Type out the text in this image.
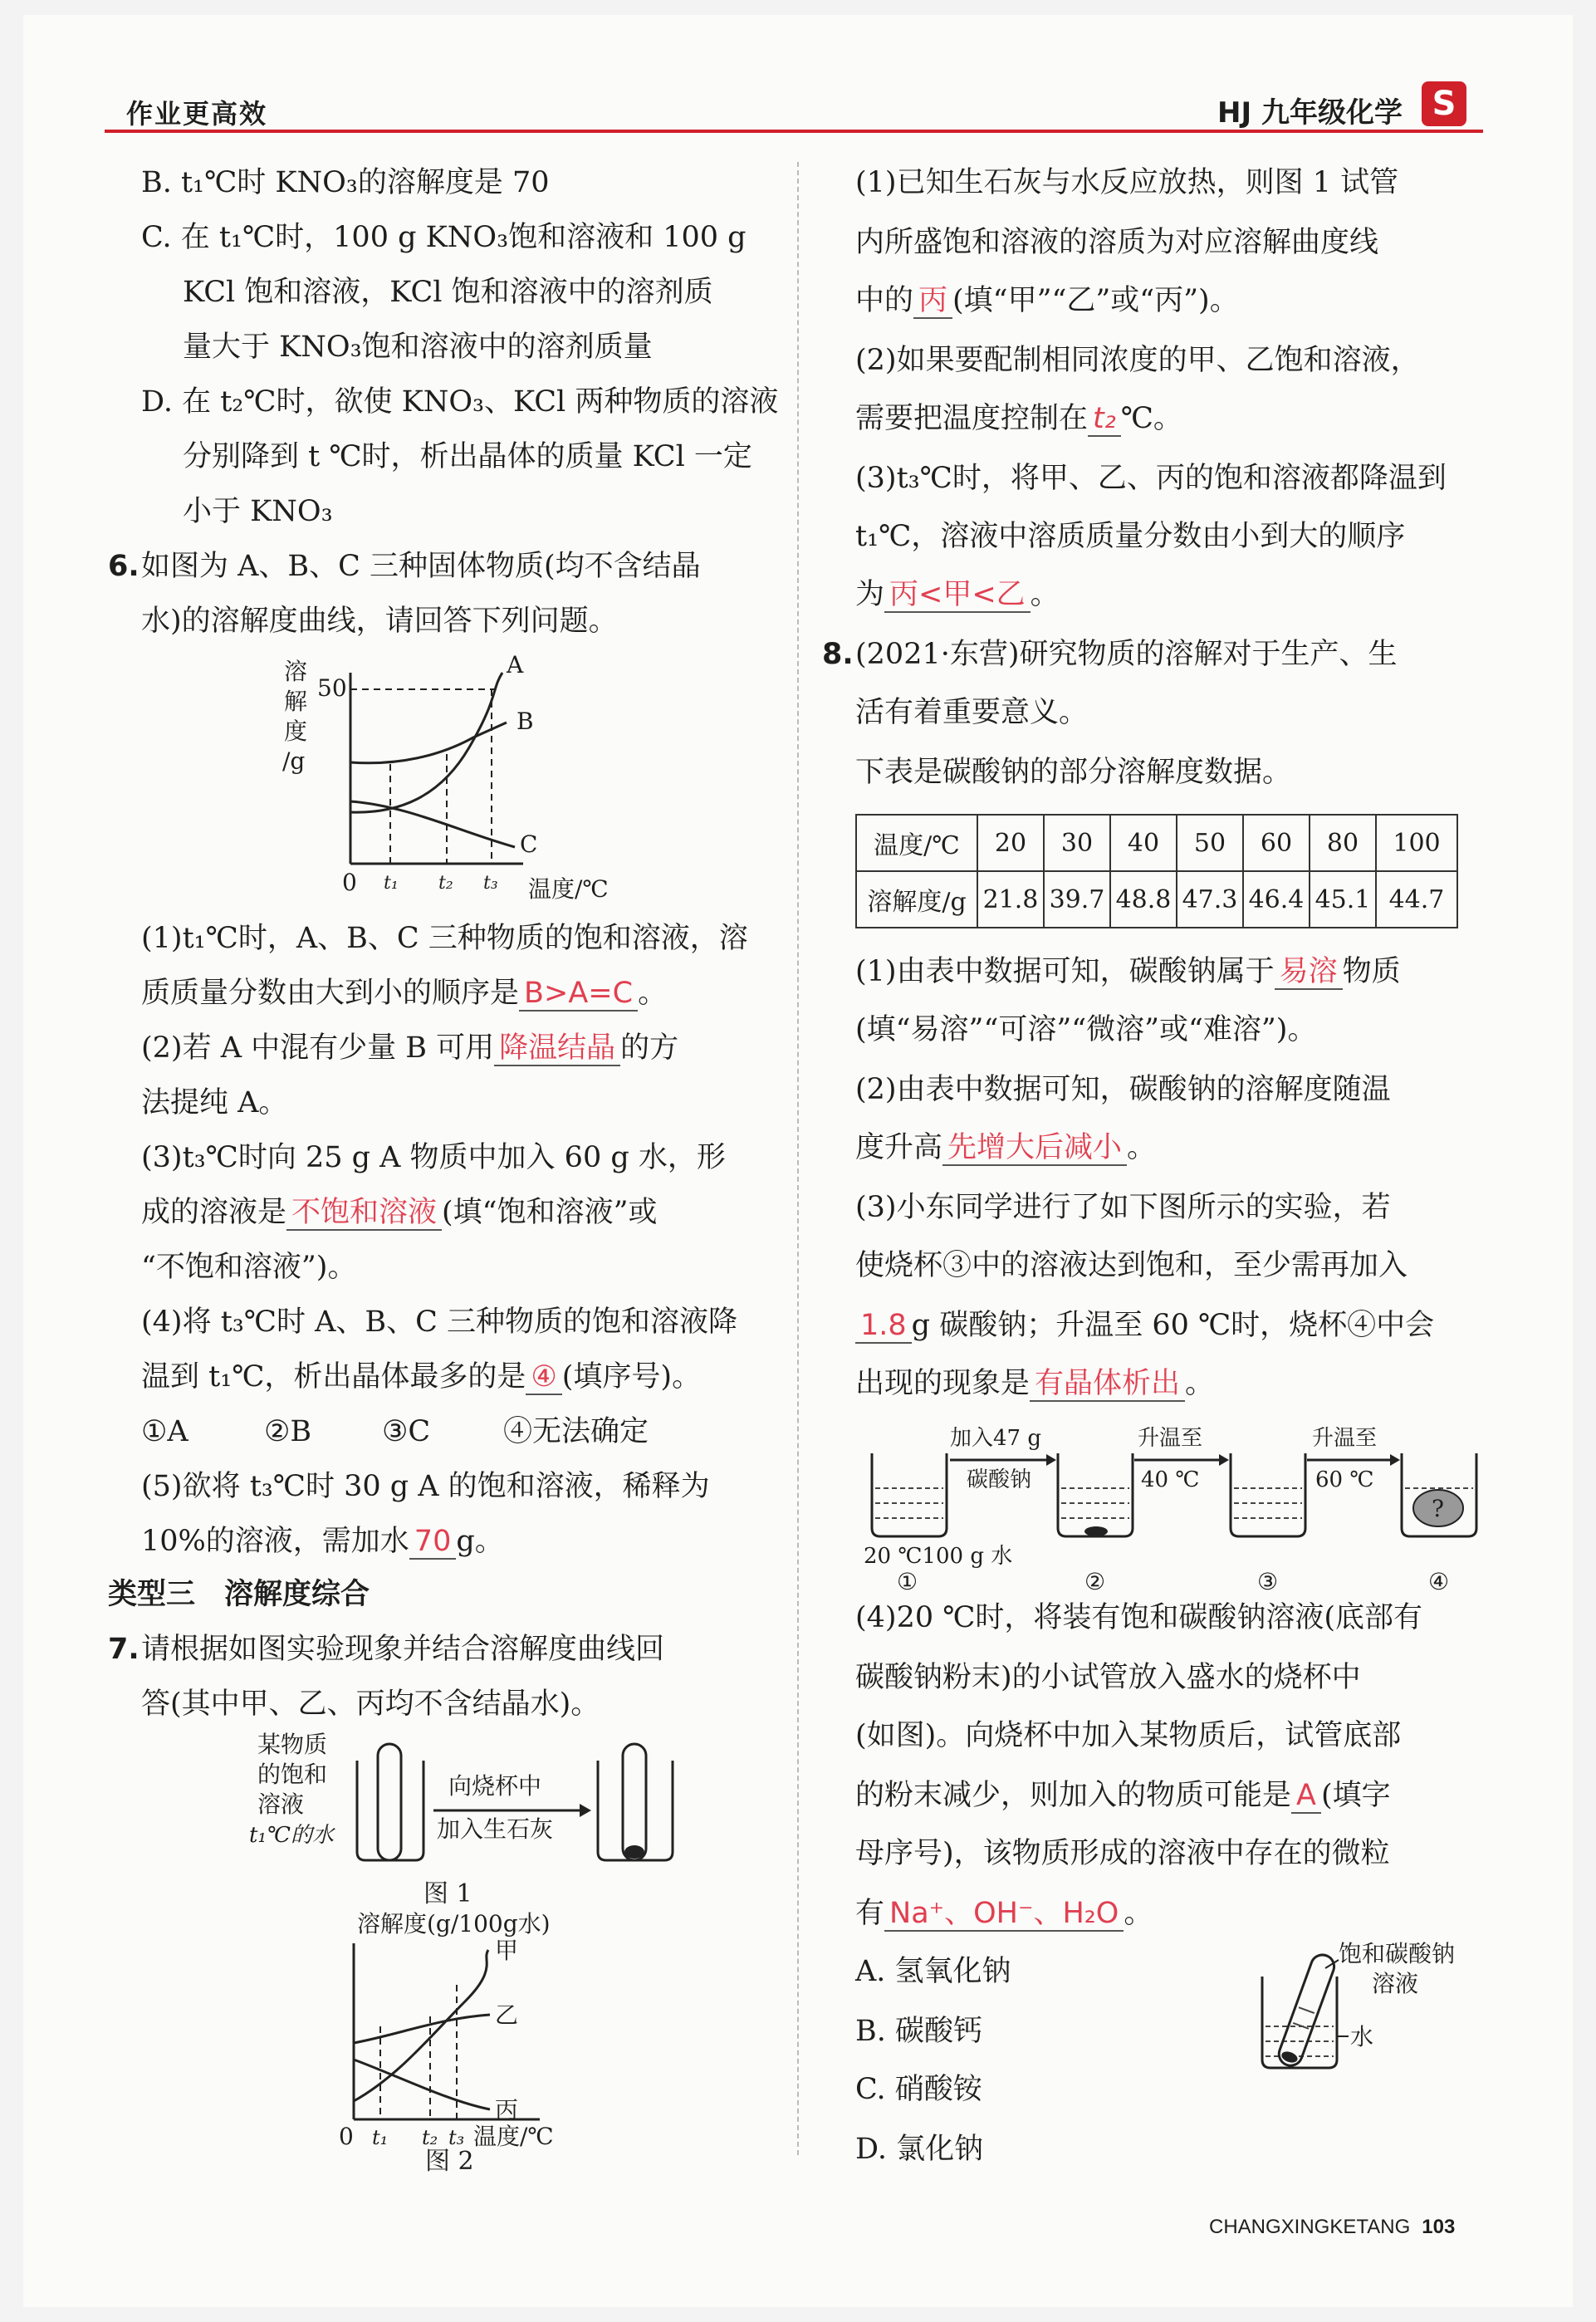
作业更高效	HJ 九年级化学 S
B. t₁℃时 KNO₃的溶解度是 70
C. 在 t₁℃时，100 g KNO₃饱和溶液和 100 g
KCl 饱和溶液，KCl 饱和溶液中的溶剂质
量大于 KNO₃饱和溶液中的溶剂质量
D. 在 t₂℃时，欲使 KNO₃、KCl 两种物质的溶液
分别降到 t ℃时，析出晶体的质量 KCl 一定
小于 KNO₃
6. 如图为 A、B、C 三种固体物质(均不含结晶
水)的溶解度曲线，请回答下列问题。
溶
解
度
/g
50
A
B
C
0 t₁ t₂ t₃ 温度/℃
(1)t₁℃时，A、B、C 三种物质的饱和溶液，溶
质质量分数由大到小的顺序是 B>A=C 。
(2)若 A 中混有少量 B 可用 降温结晶 的方
法提纯 A。
(3)t₃℃时向 25 g A 物质中加入 60 g 水，形
成的溶液是 不饱和溶液 (填“饱和溶液”或
“不饱和溶液”)。
(4)将 t₃℃时 A、B、C 三种物质的饱和溶液降
温到 t₁℃，析出晶体最多的是 ④ (填序号)。
①A	②B ③C	④无法确定
(5)欲将 t₃℃时 30 g A 的饱和溶液，稀释为
10%的溶液，需加水 70 g。
类型三　溶解度综合
7. 请根据如图实验现象并结合溶解度曲线回
答(其中甲、乙、丙均不含结晶水)。
某物质
的饱和
溶液
t₁℃的水
向烧杯中
加入生石灰
图 1
溶解度(g/100g水)
甲
乙
丙
0 t₁ t₂ t₃ 温度/℃
图 2
(1)已知生石灰与水反应放热，则图 1 试管
内所盛饱和溶液的溶质为对应溶解曲度线
中的 丙 (填“甲”“乙”或“丙”)。
(2)如果要配制相同浓度的甲、乙饱和溶液，
需要把温度控制在 t₂ ℃。
(3)t₃℃时，将甲、乙、丙的饱和溶液都降温到
t₁℃，溶液中溶质质量分数由小到大的顺序
为 丙<甲<乙 。
8. (2021·东营)研究物质的溶解对于生产、生
活有着重要意义。
下表是碳酸钠的部分溶解度数据。
温度/℃	20	30	40	50	60	80	100
溶解度/g	21.8	39.7	48.8	47.3	46.4	45.1	44.7
(1)由表中数据可知，碳酸钠属于 易溶 物质
(填“易溶”“可溶”“微溶”或“难溶”)。
(2)由表中数据可知，碳酸钠的溶解度随温
度升高 先增大后减小 。
(3)小东同学进行了如下图所示的实验，若
使烧杯③中的溶液达到饱和，至少需再加入
1.8 g 碳酸钠；升温至 60 ℃时，烧杯④中会
出现的现象是 有晶体析出 。
加入47 g
碳酸钠
升温至
40 ℃
升温至
60 ℃
?
20 ℃100 g 水
①	②	③	④
(4)20 ℃时，将装有饱和碳酸钠溶液(底部有
碳酸钠粉末)的小试管放入盛水的烧杯中
(如图)。向烧杯中加入某物质后，试管底部
的粉末减少，则加入的物质可能是 A (填字
母序号)，该物质形成的溶液中存在的微粒
有 Na⁺、OH⁻、H₂O 。
A. 氢氧化钠
B. 碳酸钙
C. 硝酸铵
D. 氯化钠
饱和碳酸钠
溶液
水
CHANGXINGKETANG 103
